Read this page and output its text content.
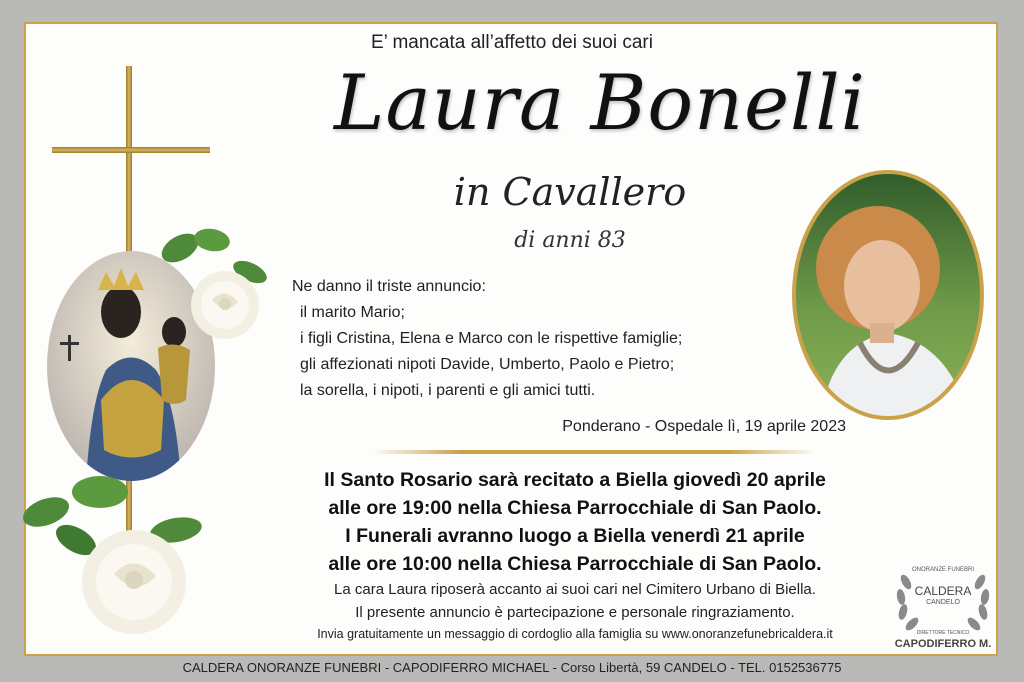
E’ mancata all’affetto dei suoi cari
Laura Bonelli
in Cavallero
di anni 83
Ne danno il triste annuncio:
il marito Mario;
i figli Cristina, Elena e Marco con le rispettive famiglie;
gli affezionati nipoti Davide, Umberto, Paolo e Pietro;
la sorella, i nipoti, i parenti e gli amici tutti.
Ponderano - Ospedale lì, 19 aprile 2023
Il Santo Rosario sarà recitato a Biella giovedì 20 aprile
alle ore 19:00 nella Chiesa Parrocchiale di San Paolo.
I Funerali avranno luogo a Biella venerdì 21 aprile
alle ore 10:00 nella Chiesa Parrocchiale di San Paolo.
La cara Laura riposerà accanto ai suoi cari nel Cimitero Urbano di Biella.
Il presente annuncio è partecipazione e personale ringraziamento.
Invia gratuitamente un messaggio di cordoglio alla famiglia su www.onoranzefunebricaldera.it
ONORANZE FUNEBRI
CALDERA
CANDELO
DIRETTORE TECNICO
CAPODIFERRO M.
CALDERA ONORANZE FUNEBRI - CAPODIFERRO MICHAEL - Corso Libertà, 59 CANDELO - TEL. 0152536775
